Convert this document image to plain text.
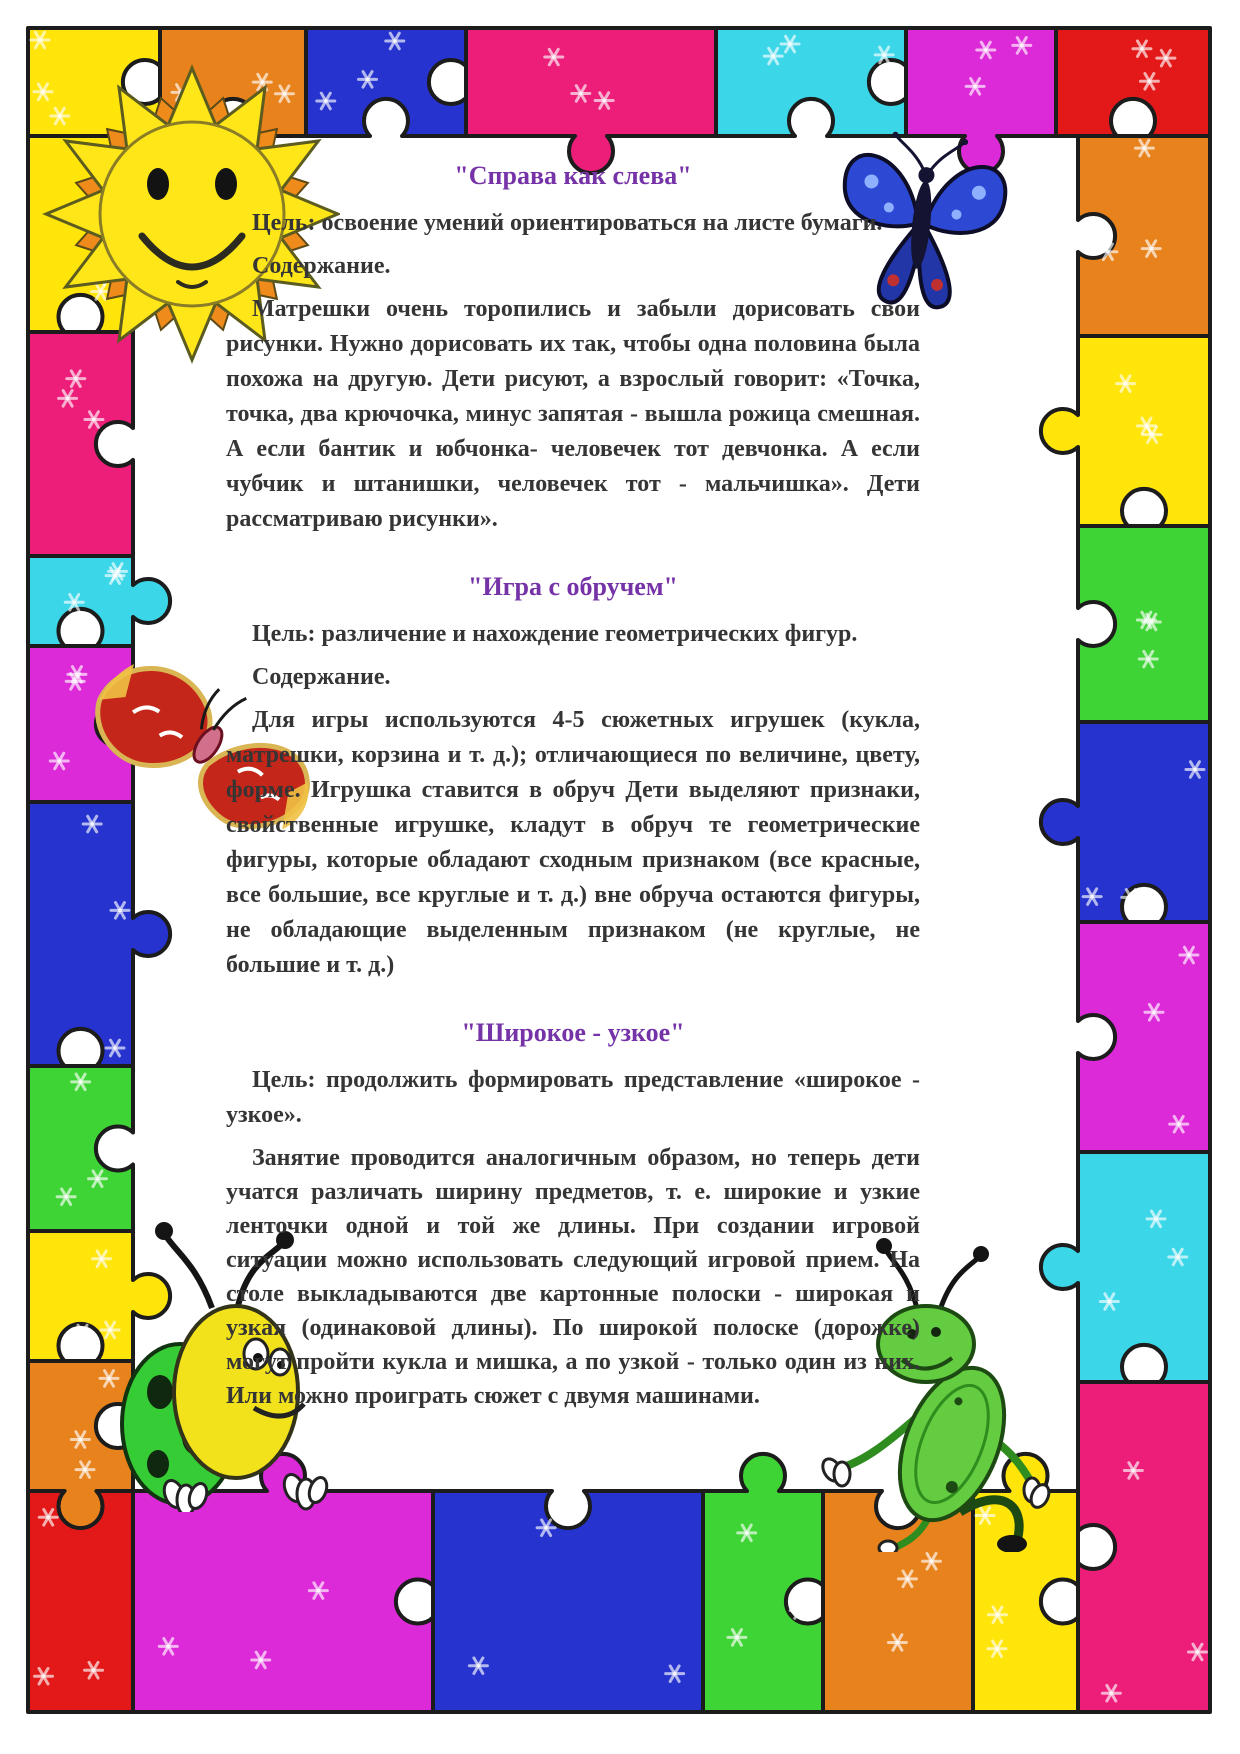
"Справа как слева"

Цель: освоение умений ориентироваться на листе бумаги.

Содержание.

Матрешки очень торопились и забыли дорисовать свои рисунки. Нужно дорисовать их так, чтобы одна половина была похожа на другую. Дети рисуют, а взрослый говорит: «Точка, точка, два крючочка, минус запятая - вышла рожица смешная. А если бантик и юбчонка- человечек тот девчонка. А если чубчик и штанишки, человечек тот - мальчишка». Дети рассматриваю рисунки».

"Игра с обручем"

Цель: различение и нахождение геометрических фигур.

Содержание.

Для игры используются 4-5 сюжетных игрушек (кукла, матрешки, корзина и т. д.); отличающиеся по величине, цвету, форме. Игрушка ставится в обруч Дети выделяют признаки, свойственные игрушке, кладут в обруч те геометрические фигуры, которые обладают сходным признаком (все красные, все большие, все круглые и т. д.) вне обруча остаются фигуры, не обладающие выделенным признаком (не круглые, не большие и т. д.)

"Широкое - узкое"

Цель: продолжить формировать представление «широкое - узкое».

Занятие проводится аналогичным образом, но теперь дети учатся различать ширину предметов, т. е. широкие и узкие ленточки одной и той же длины. При создании игровой ситуации можно использовать следующий игровой прием. На столе выкладываются две картонные полоски - широкая и узкая (одинаковой длины). По широкой полоске (дорожке) могут пройти кукла и мишка, а по узкой - только один из них. Или можно проиграть сюжет с двумя машинами.
